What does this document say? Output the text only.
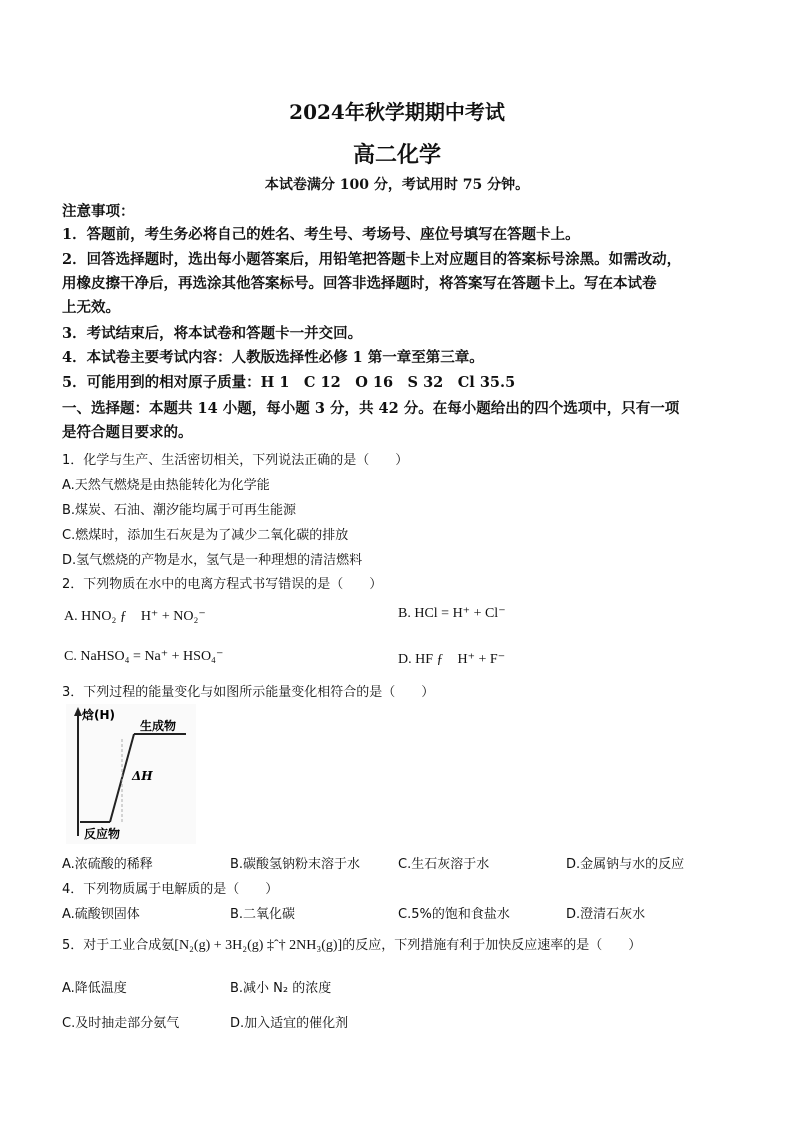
2024年秋学期期中考试
高二化学
本试卷满分 100 分，考试用时 75 分钟。
注意事项：
1．答题前，考生务必将自己的姓名、考生号、考场号、座位号填写在答题卡上。
2．回答选择题时，选出每小题答案后，用铅笔把答题卡上对应题目的答案标号涂黑。如需改动，
用橡皮擦干净后，再选涂其他答案标号。回答非选择题时，将答案写在答题卡上。写在本试卷
上无效。
3．考试结束后，将本试卷和答题卡一并交回。
4．本试卷主要考试内容：人教版选择性必修 1 第一章至第三章。
5．可能用到的相对原子质量：H 1　C 12　O 16　S 32　Cl 35.5
一、选择题：本题共 14 小题，每小题 3 分，共 42 分。在每小题给出的四个选项中，只有一项
是符合题目要求的。
1．化学与生产、生活密切相关，下列说法正确的是（　　）
A.天然气燃烧是由热能转化为化学能
B.煤炭、石油、潮汐能均属于可再生能源
C.燃煤时，添加生石灰是为了减少二氧化碳的排放
D.氢气燃烧的产物是水，氢气是一种理想的清洁燃料
2．下列物质在水中的电离方程式书写错误的是（　　）
A. HNO₂ ƒ　H⁺ + NO₂⁻	B. HCl = H⁺ + Cl⁻
C. NaHSO₄ = Na⁺ + HSO₄⁻	D. HF ƒ　H⁺ + F⁻
3．下列过程的能量变化与如图所示能量变化相符合的是（　　）
焓(H)
生成物
ΔH
反应物
A.浓硫酸的稀释	B.碳酸氢钠粉末溶于水	C.生石灰溶于水	D.金属钠与水的反应
4．下列物质属于电解质的是（　　）
A.硫酸钡固体	B.二氧化碳	C.5%的饱和食盐水	D.澄清石灰水
5．对于工业合成氨[N₂(g) + 3H₂(g) ‡ˆ† 2NH₃(g)]的反应，下列措施有利于加快反应速率的是（　　）
A.降低温度	B.减小 N₂ 的浓度
C.及时抽走部分氨气	D.加入适宜的催化剂
